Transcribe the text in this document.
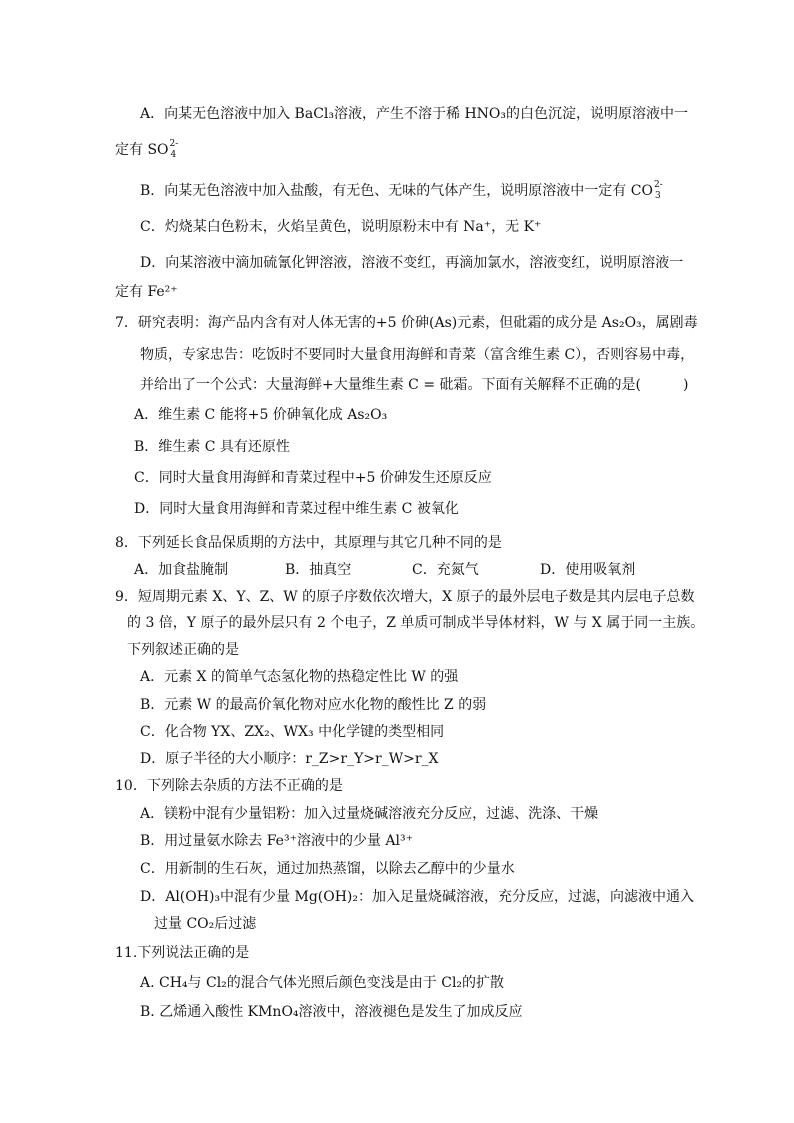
A．向某无色溶液中加入 BaCl₃溶液，产生不溶于稀 HNO₃的白色沉淀，说明原溶液中一
定有 SO 2-
4
B．向某无色溶液中加入盐酸，有无色、无味的气体产生，说明原溶液中一定有 CO 2-
3
C．灼烧某白色粉末，火焰呈黄色，说明原粉末中有 Na⁺，无 K⁺
D．向某溶液中滴加硫氰化钾溶液，溶液不变红，再滴加氯水，溶液变红，说明原溶液一
定有 Fe²⁺
7．研究表明：海产品内含有对人体无害的+5 价砷(As)元素，但砒霜的成分是 As₂O₃，属剧毒
物质，专家忠告：吃饭时不要同时大量食用海鲜和青菜（富含维生素 C），否则容易中毒，
并给出了一个公式：大量海鲜+大量维生素 C = 砒霜。下面有关解释不正确的是(　　　)
A．维生素 C 能将+5 价砷氧化成 As₂O₃
B．维生素 C 具有还原性
C．同时大量食用海鲜和青菜过程中+5 价砷发生还原反应
D．同时大量食用海鲜和青菜过程中维生素 C 被氧化
8．下列延长食品保质期的方法中，其原理与其它几种不同的是
A．加食盐腌制	B．抽真空	C．充氮气	D．使用吸氧剂
9．短周期元素 X、Y、Z、W 的原子序数依次增大，X 原子的最外层电子数是其内层电子总数
的 3 倍，Y 原子的最外层只有 2 个电子，Z 单质可制成半导体材料，W 与 X 属于同一主族。
下列叙述正确的是
A．元素 X 的简单气态氢化物的热稳定性比 W 的强
B．元素 W 的最高价氧化物对应水化物的酸性比 Z 的弱
C．化合物 YX、ZX₂、WX₃ 中化学键的类型相同
D．原子半径的大小顺序：r_Z>r_Y>r_W>r_X
10．下列除去杂质的方法不正确的是
A．镁粉中混有少量铝粉：加入过量烧碱溶液充分反应，过滤、洗涤、干燥
B．用过量氨水除去 Fe³⁺溶液中的少量 Al³⁺
C．用新制的生石灰，通过加热蒸馏，以除去乙醇中的少量水
D．Al(OH)₃中混有少量 Mg(OH)₂：加入足量烧碱溶液，充分反应，过滤，向滤液中通入
过量 CO₂后过滤
11.下列说法正确的是
A. CH₄与 Cl₂的混合气体光照后颜色变浅是由于 Cl₂的扩散
B. 乙烯通入酸性 KMnO₄溶液中，溶液褪色是发生了加成反应
